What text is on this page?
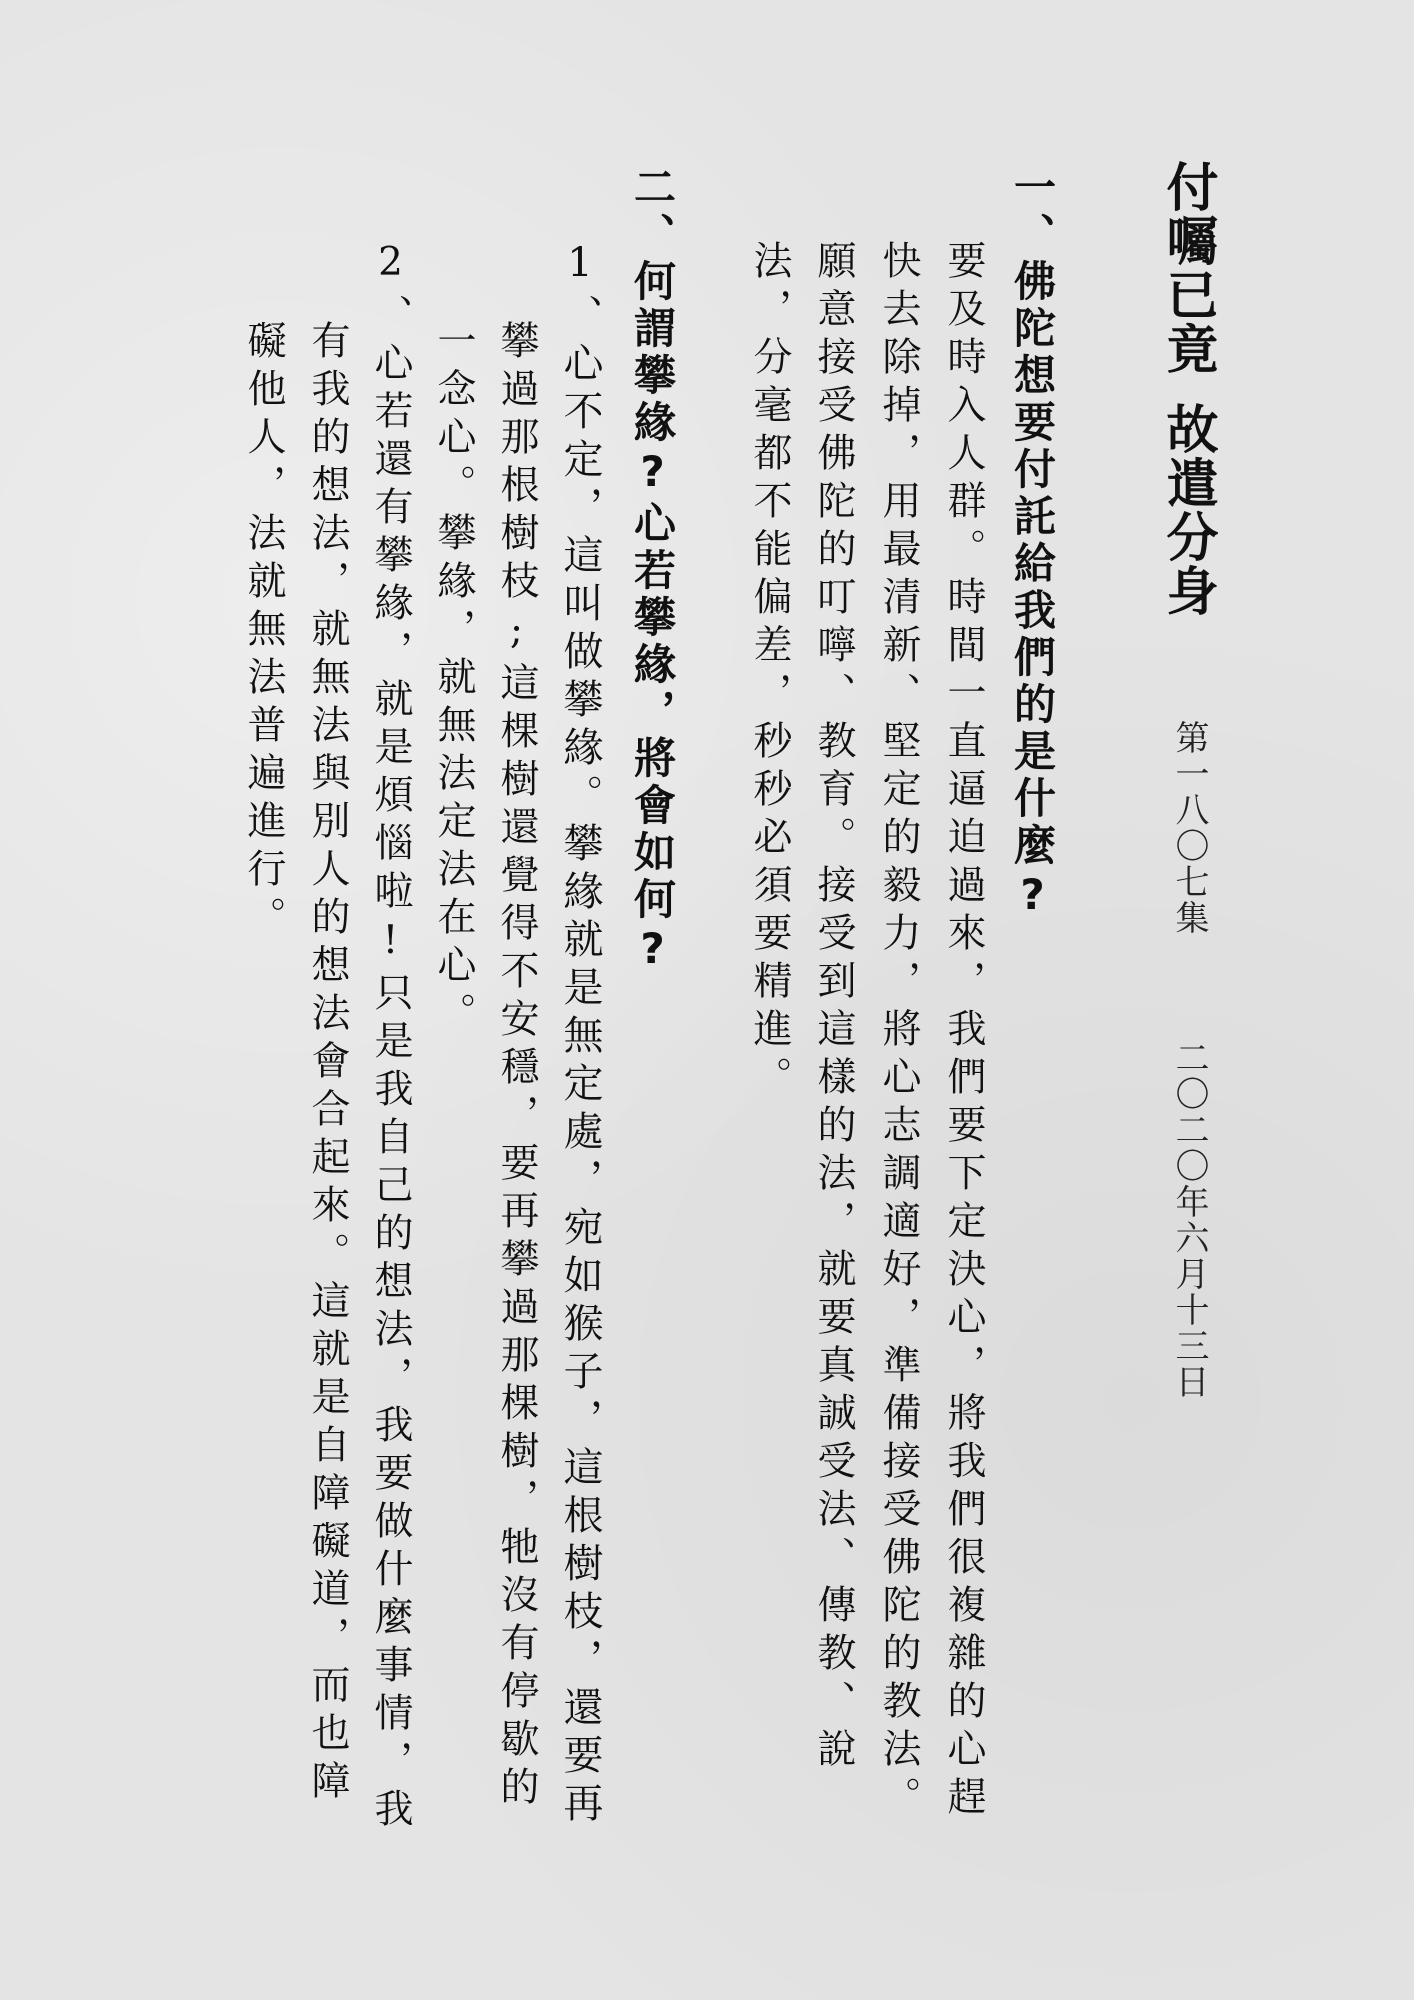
付囑已竟故遣分身
第一八〇七集
二〇二〇年六月十三日
一、佛陀想要付託給我們的是什麼?

要及時入人群。時間一直逼迫過來，我們要下定決心，將我們很複雜的心趕

快去除掉，用最清新、堅定的毅力，將心志調適好，準備接受佛陀的教法。

願意接受佛陀的叮嚀、教育。接受到這樣的法，就要真誠受法、傳教、說

法，分毫都不能偏差，秒秒必須要精進。

二、何謂攀緣?心若攀緣，將會如何?

1、心不定，這叫做攀緣。攀緣就是無定處，宛如猴子，這根樹枝，還要再

攀過那根樹枝;這棵樹還覺得不安穩，要再攀過那棵樹，牠沒有停歇的

一念心。攀緣，就無法定法在心。

2、心若還有攀緣，就是煩惱啦!只是我自己的想法，我要做什麼事情，我

有我的想法，就無法與別人的想法會合起來。這就是自障礙道，而也障

礙他人，法就無法普遍進行。
